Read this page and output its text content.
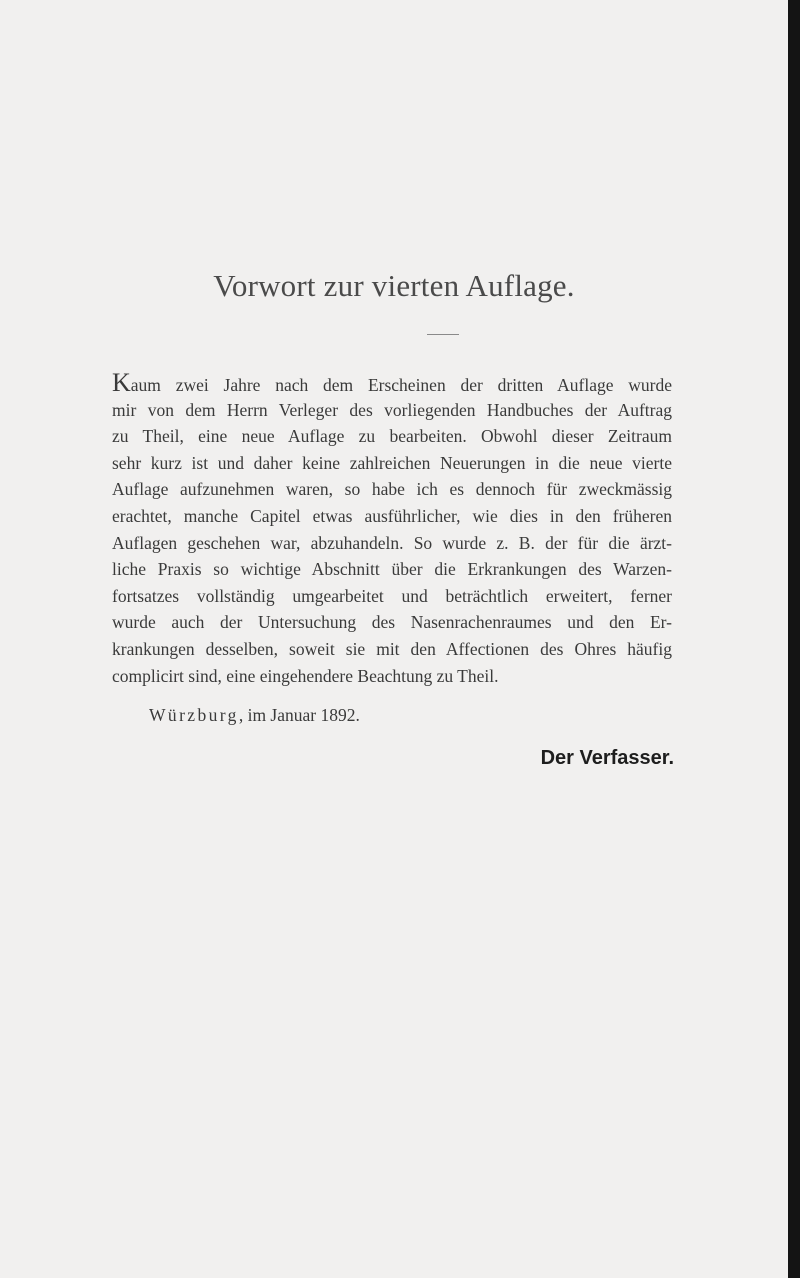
Vorwort zur vierten Auflage.
Kaum zwei Jahre nach dem Erscheinen der dritten Auflage wurde
mir von dem Herrn Verleger des vorliegenden Handbuches der Auftrag
zu Theil, eine neue Auflage zu bearbeiten. Obwohl dieser Zeitraum
sehr kurz ist und daher keine zahlreichen Neuerungen in die neue vierte
Auflage aufzunehmen waren, so habe ich es dennoch für zweckmässig
erachtet, manche Capitel etwas ausführlicher, wie dies in den früheren
Auflagen geschehen war, abzuhandeln. So wurde z. B. der für die ärzt-
liche Praxis so wichtige Abschnitt über die Erkrankungen des Warzen-
fortsatzes vollständig umgearbeitet und beträchtlich erweitert, ferner
wurde auch der Untersuchung des Nasenrachenraumes und den Er-
krankungen desselben, soweit sie mit den Affectionen des Ohres häufig
complicirt sind, eine eingehendere Beachtung zu Theil.
Würzburg, im Januar 1892.
Der Verfasser.
